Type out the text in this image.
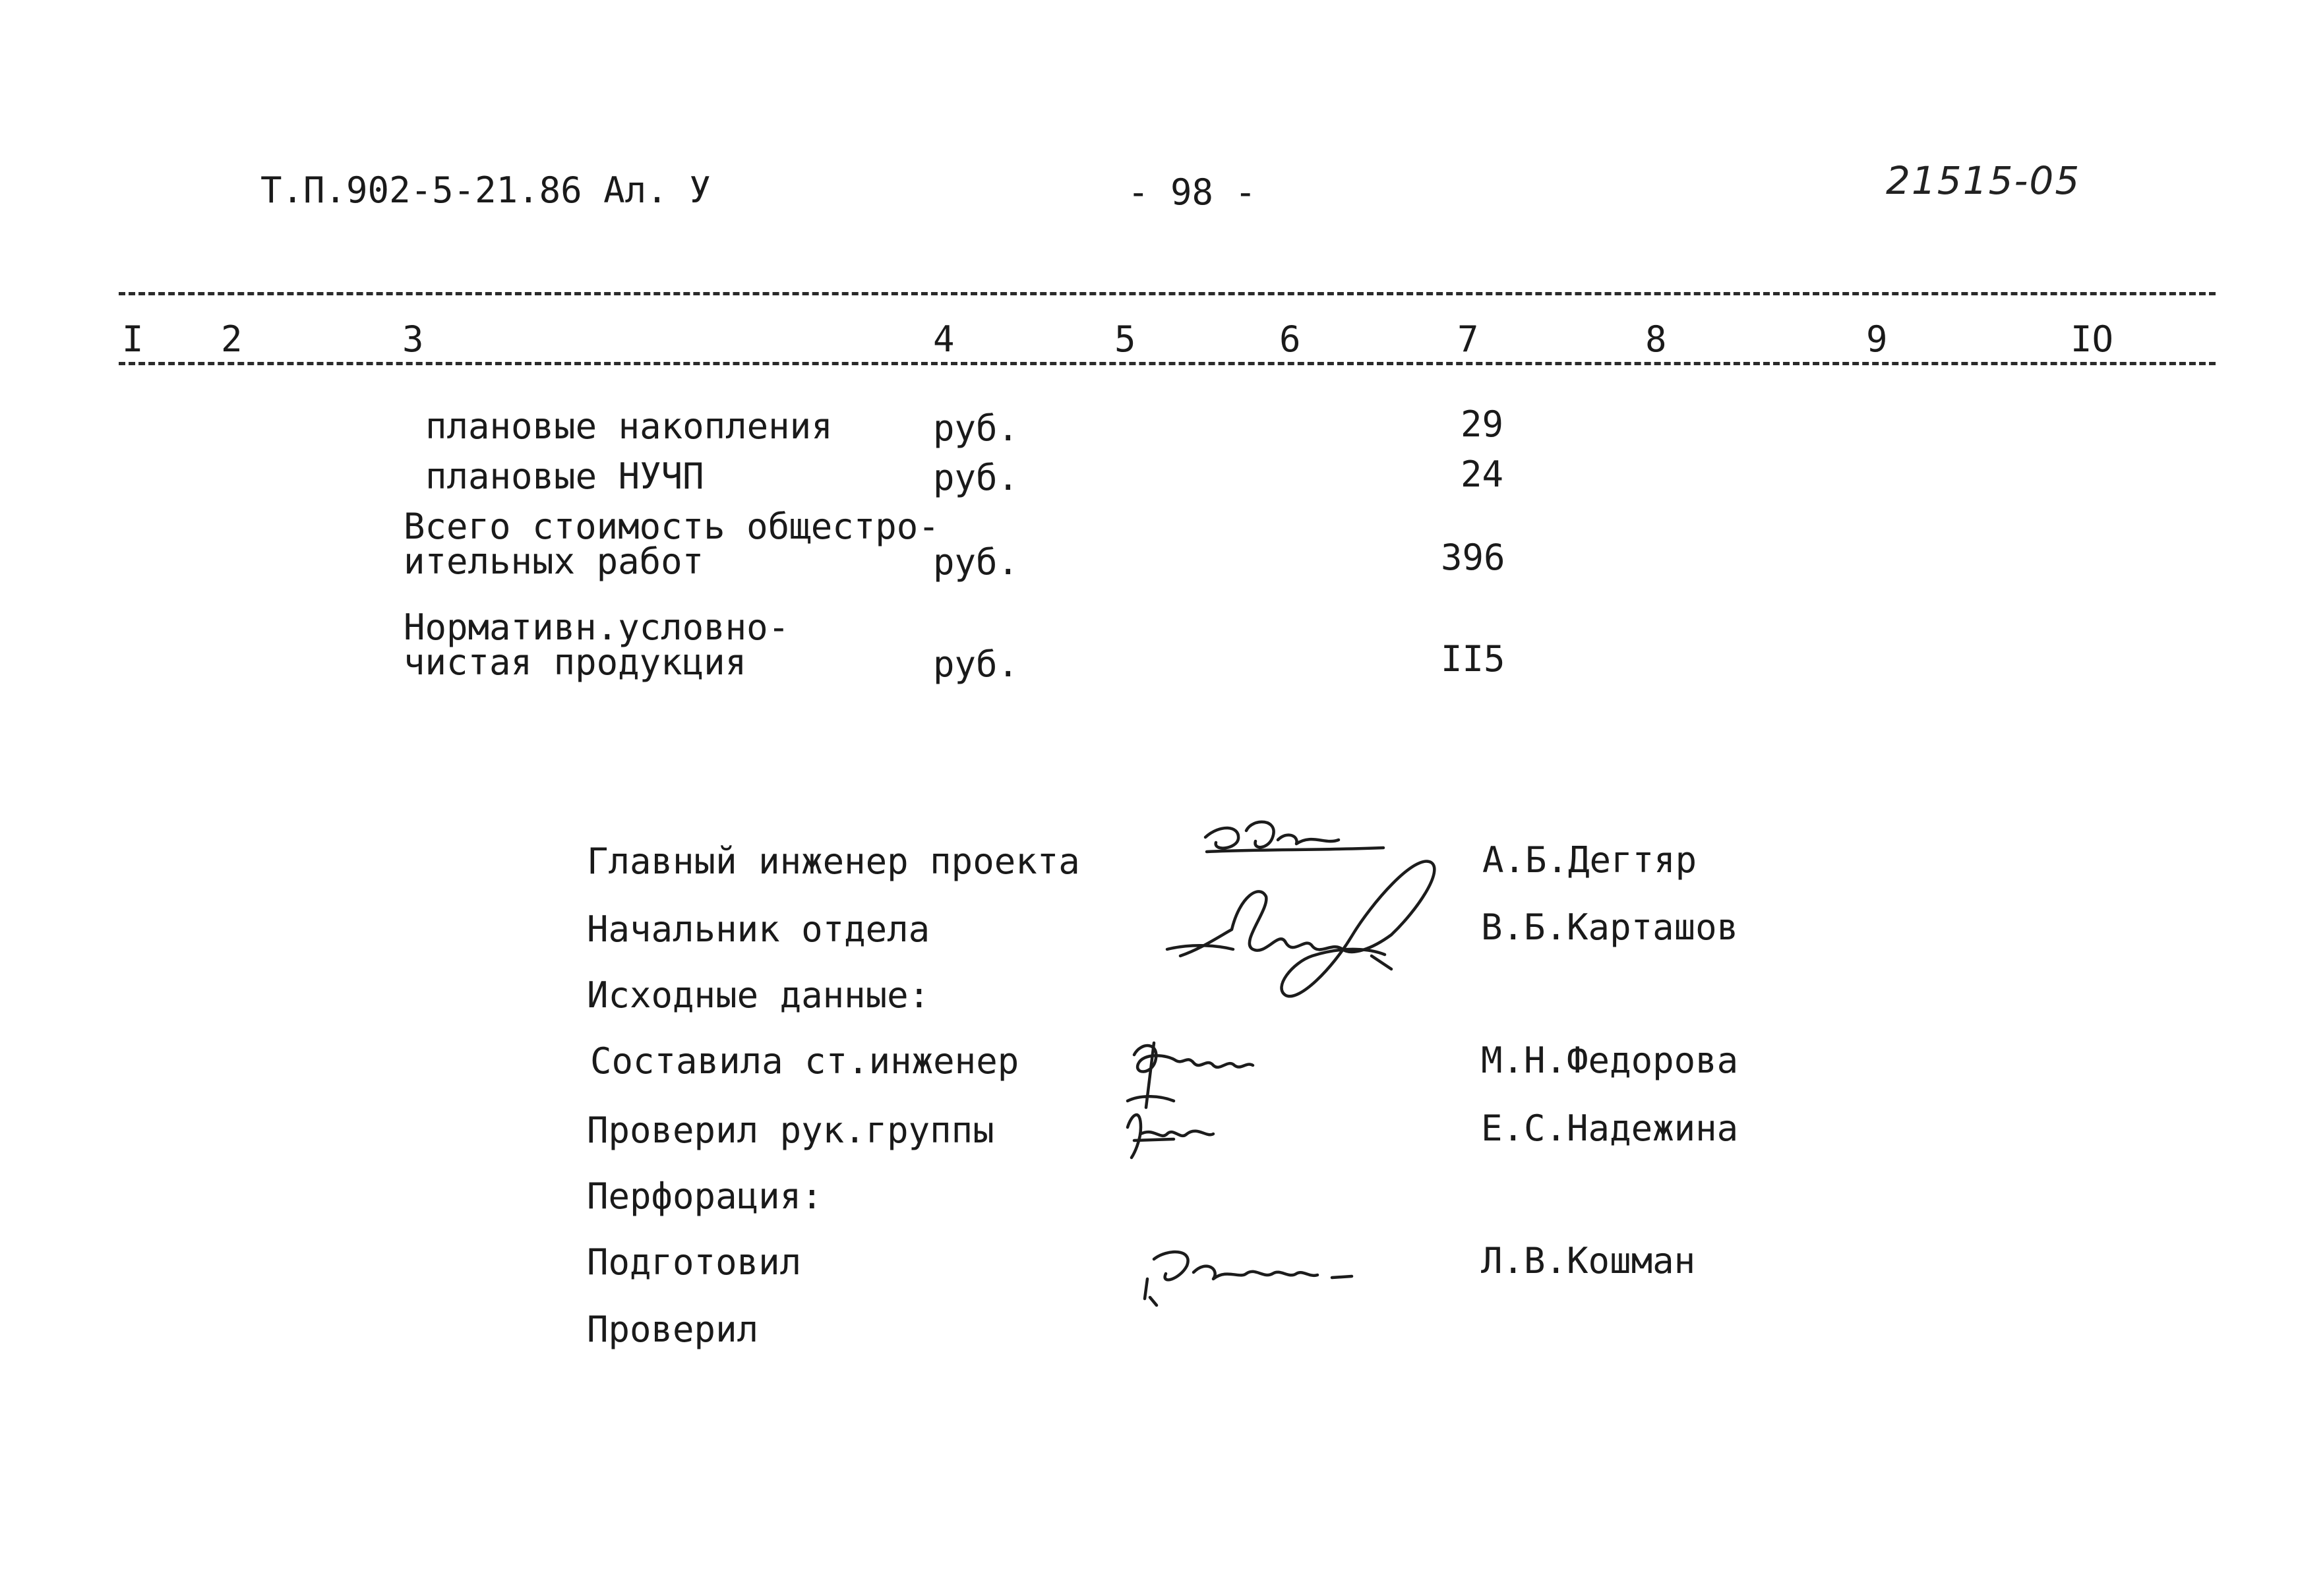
Т.П.902-5-21.86 Ал. У	- 98 -	21515-05
I 2	3	4	5	6	7	8	9	IO
плановые накопления	руб.	29
плановые НУЧП	руб.	24
Всего стоимость общестро-
ительных работ	руб.	396
Нормативн.условно-
чистая продукция	руб.	II5
Главный инженер проекта	А.Б.Дегтяр
Начальник отдела	В.Б.Карташов
Исходные данные:
Составила ст.инженер	М.Н.Федорова
Проверил рук.группы	Е.С.Надежина
Перфорация:
Подготовил	Л.В.Кошман
Проверил
